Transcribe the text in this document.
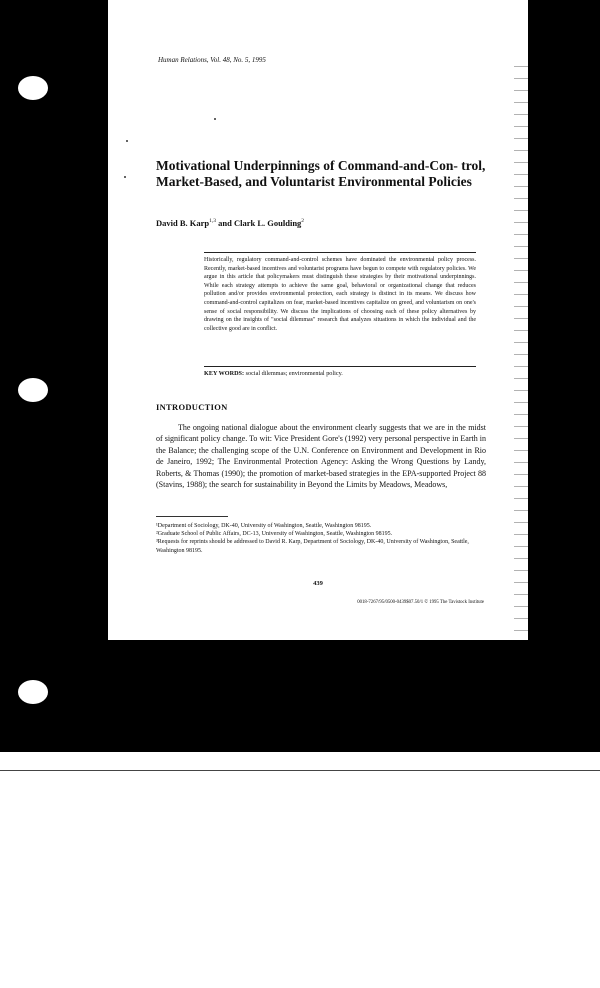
Human Relations, Vol. 48, No. 5, 1995
Motivational Underpinnings of Command-and-Con- trol, Market-Based, and Voluntarist Environmental Policies
David B. Karp$^{1,3}$ and Clark L. Goulding$^2$

Historically, regulatory command-and-control schemes have dominated the environmental policy process. Recently, market-based incentives and voluntarist programs have begun to compete with regulatory policies. We argue in this article that policymakers must distinguish these strategies by their motivational underpinnings. While each strategy attempts to achieve the same goal, behavioral or organizational change that reduces pollution and/or provides environmental protection, each strategy is distinct in its means. We discuss how command-and-control capitalizes on fear, market-based incentives capitalize on greed, and voluntarism on one's sense of social responsibility. We discuss the implications of choosing each of these policy alternatives by drawing on the insights of "social dilemmas" research that analyzes situations in which the individual and the collective good are in conflict.

KEY WORDS: social dilemmas; environmental policy.
INTRODUCTION

The ongoing national dialogue about the environment clearly suggests that we are in the midst of significant policy change. To wit: Vice President Gore's (1992) very personal perspective in Earth in the Balance; the challenging scope of the U.N. Conference on Environment and Development in Rio de Janeiro, 1992; The Environmental Protection Agency: Asking the Wrong Questions by Landy, Roberts, & Thomas (1990); the promotion of market-based strategies in the EPA-supported Project 88 (Stavins, 1988); the search for sustainability in Beyond the Limits by Meadows, Meadows,

¹Department of Sociology, DK-40, University of Washington, Seattle, Washington 98195.
²Graduate School of Public Affairs, DC-13, University of Washington, Seattle, Washington 98195.
³Requests for reprints should be addressed to David R. Karp, Department of Sociology, DK-40, University of Washington, Seattle, Washington 98195.
439
0018-7267/95/0500-0439$07.50/1 © 1995 The Tavistock Institute
